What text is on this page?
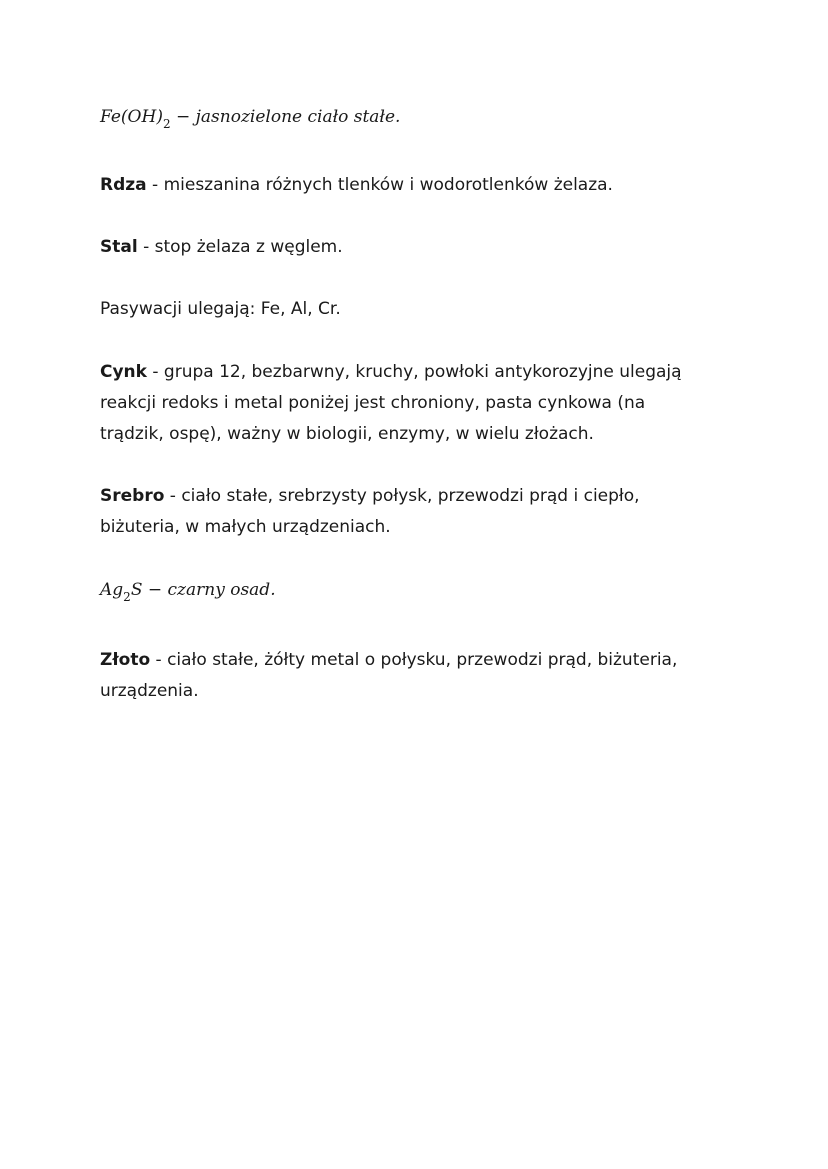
$Fe(OH)_2$ − jasnozielone ciało stałe.
Rdza - mieszanina różnych tlenków i wodorotlenków żelaza.
Stal - stop żelaza z węglem.
Pasywacji ulegają: Fe, Al, Cr.
Cynk - grupa 12, bezbarwny, kruchy, powłoki antykorozyjne ulegają
reakcji redoks i metal poniżej jest chroniony, pasta cynkowa (na
trądzik, ospę), ważny w biologii, enzymy, w wielu złożach.
Srebro - ciało stałe, srebrzysty połysk, przewodzi prąd i ciepło,
biżuteria, w małych urządzeniach.
$Ag_2S$ − czarny osad.
Złoto - ciało stałe, żółty metal o połysku, przewodzi prąd, biżuteria,
urządzenia.
